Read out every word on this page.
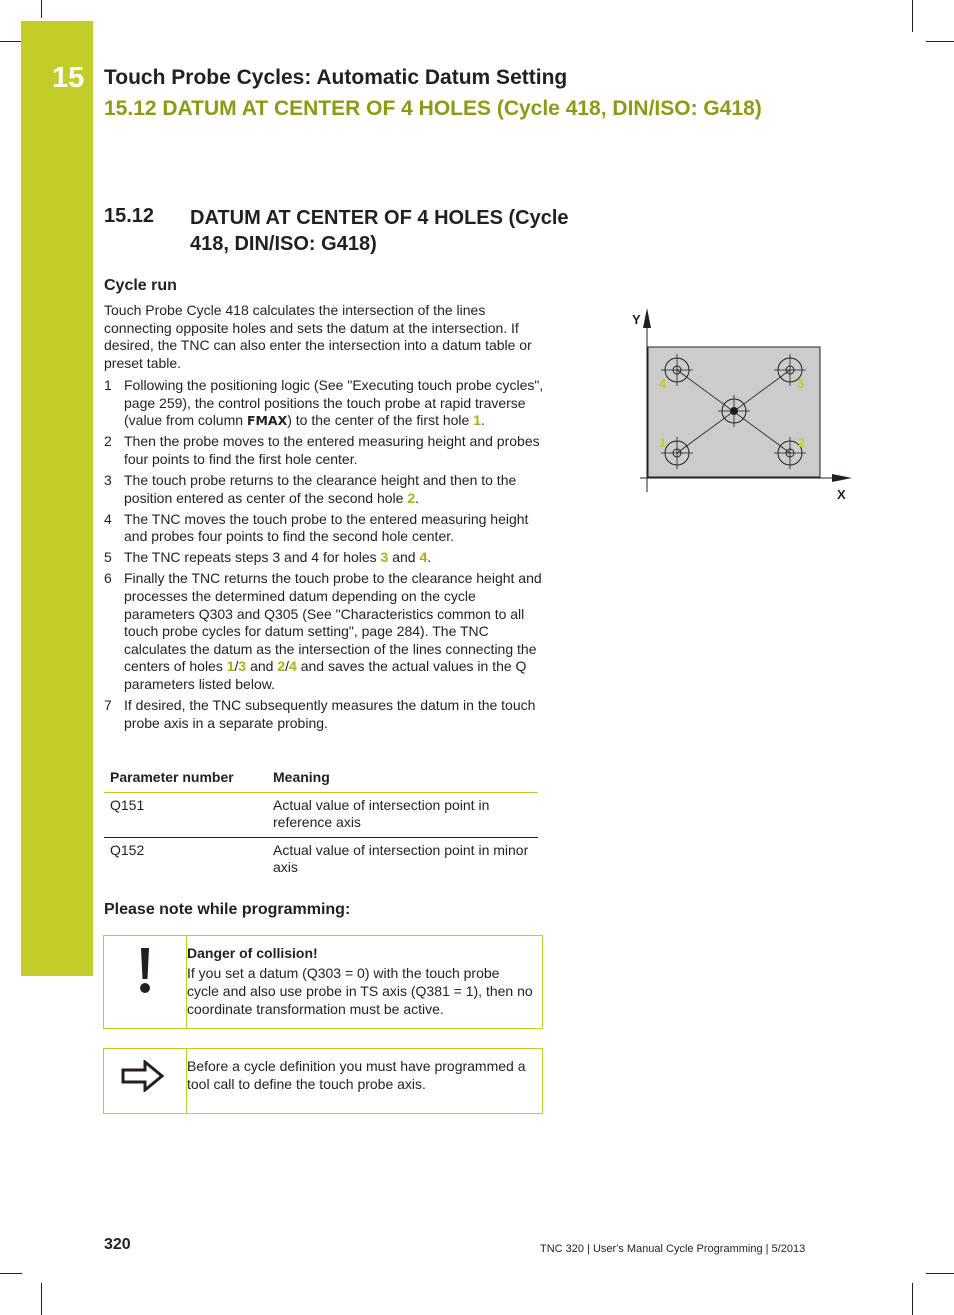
15 Touch Probe Cycles: Automatic Datum Setting
15.12 DATUM AT CENTER OF 4 HOLES (Cycle 418, DIN/ISO: G418)
15.12 DATUM AT CENTER OF 4 HOLES (Cycle 418, DIN/ISO: G418)
Cycle run
Touch Probe Cycle 418 calculates the intersection of the lines connecting opposite holes and sets the datum at the intersection. If desired, the TNC can also enter the intersection into a datum table or preset table.
1 Following the positioning logic (See "Executing touch probe cycles", page 259), the control positions the touch probe at rapid traverse (value from column FMAX) to the center of the first hole 1.
2 Then the probe moves to the entered measuring height and probes four points to find the first hole center.
3 The touch probe returns to the clearance height and then to the position entered as center of the second hole 2.
4 The TNC moves the touch probe to the entered measuring height and probes four points to find the second hole center.
5 The TNC repeats steps 3 and 4 for holes 3 and 4.
6 Finally the TNC returns the touch probe to the clearance height and processes the determined datum depending on the cycle parameters Q303 and Q305 (See "Characteristics common to all touch probe cycles for datum setting", page 284). The TNC calculates the datum as the intersection of the lines connecting the centers of holes 1/3 and 2/4 and saves the actual values in the Q parameters listed below.
7 If desired, the TNC subsequently measures the datum in the touch probe axis in a separate probing.
Parameter number	Meaning
Q151	Actual value of intersection point in reference axis
Q152	Actual value of intersection point in minor axis
Please note while programming:
Danger of collision!
If you set a datum (Q303 = 0) with the touch probe cycle and also use probe in TS axis (Q381 = 1), then no coordinate transformation must be active.
Before a cycle definition you must have programmed a tool call to define the touch probe axis.
Y
X
4	3
1	2
320	TNC 320 | User's Manual Cycle Programming | 5/2013
